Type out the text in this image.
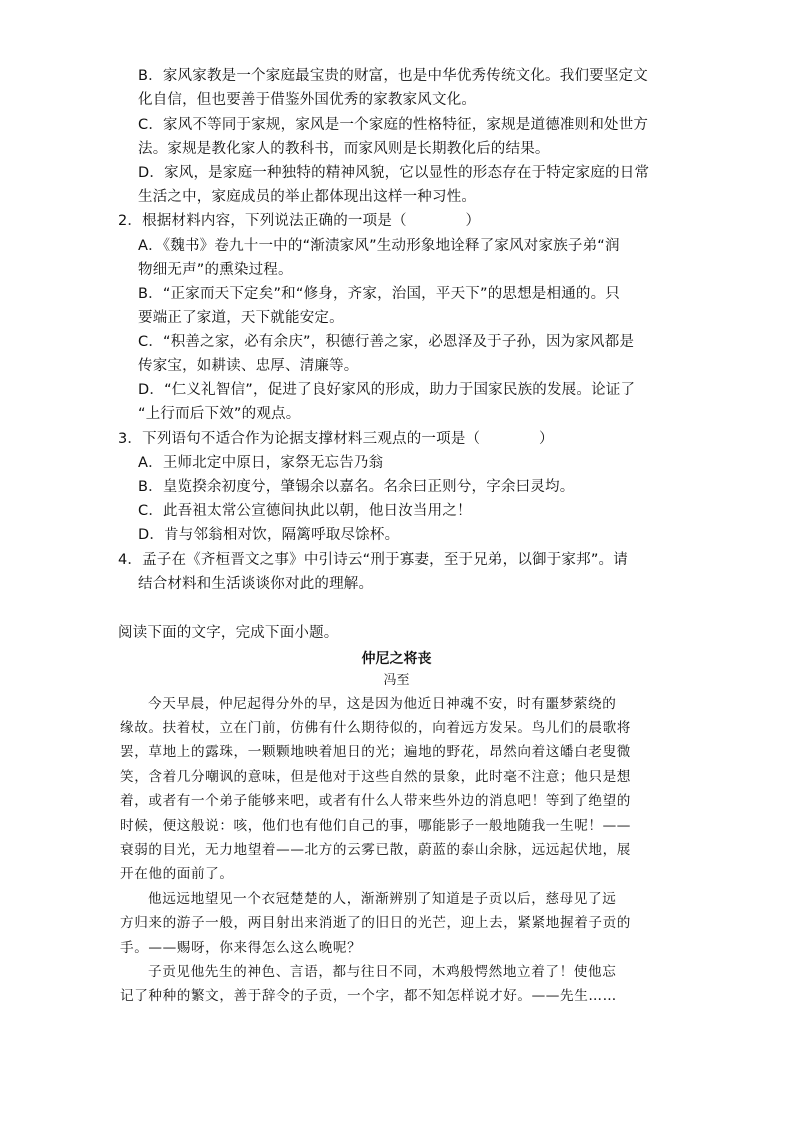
B．家风家教是一个家庭最宝贵的财富，也是中华优秀传统文化。我们要坚定文
化自信，但也要善于借鉴外国优秀的家教家风文化。
C．家风不等同于家规，家风是一个家庭的性格特征，家规是道德准则和处世方
法。家规是教化家人的教科书，而家风则是长期教化后的结果。
D．家风，是家庭一种独特的精神风貌，它以显性的形态存在于特定家庭的日常
生活之中，家庭成员的举止都体现出这样一种习性。
2．根据材料内容，下列说法正确的一项是（　　　　）
A．《魏书》卷九十一中的“渐渍家风”生动形象地诠释了家风对家族子弟“润
物细无声”的熏染过程。
B．“正家而天下定矣”和“修身，齐家，治国，平天下”的思想是相通的。只
要端正了家道，天下就能安定。
C．“积善之家，必有余庆”，积德行善之家，必恩泽及于子孙，因为家风都是
传家宝，如耕读、忠厚、清廉等。
D．“仁义礼智信”，促进了良好家风的形成，助力于国家民族的发展。论证了
“上行而后下效”的观点。
3．下列语句不适合作为论据支撑材料三观点的一项是（　　　　）
A．王师北定中原日，家祭无忘告乃翁
B．皇览揆余初度兮，肇锡余以嘉名。名余曰正则兮，字余曰灵均。
C．此吾祖太常公宣德间执此以朝，他日汝当用之！
D．肯与邻翁相对饮，隔篱呼取尽馀杯。
4．孟子在《齐桓晋文之事》中引诗云“刑于寡妻，至于兄弟，以御于家邦”。请
结合材料和生活谈谈你对此的理解。
阅读下面的文字，完成下面小题。
仲尼之将丧
冯至
今天早晨，仲尼起得分外的早，这是因为他近日神魂不安，时有噩梦萦绕的
缘故。扶着杖，立在门前，仿佛有什么期待似的，向着远方发呆。鸟儿们的晨歌将
罢，草地上的露珠，一颗颗地映着旭日的光；遍地的野花，昂然向着这皤白老叟微
笑，含着几分嘲讽的意味，但是他对于这些自然的景象，此时毫不注意；他只是想
着，或者有一个弟子能够来吧，或者有什么人带来些外边的消息吧！等到了绝望的
时候，便这般说：咳，他们也有他们自己的事，哪能影子一般地随我一生呢！——
衰弱的目光，无力地望着——北方的云雾已散，蔚蓝的泰山余脉，远远起伏地，展
开在他的面前了。
他远远地望见一个衣冠楚楚的人，渐渐辨别了知道是子贡以后，慈母见了远
方归来的游子一般，两目射出来消逝了的旧日的光芒，迎上去，紧紧地握着子贡的
手。——赐呀，你来得怎么这么晚呢？
子贡见他先生的神色、言语，都与往日不同，木鸡般愕然地立着了！使他忘
记了种种的繁文，善于辞令的子贡，一个字，都不知怎样说才好。——先生……
